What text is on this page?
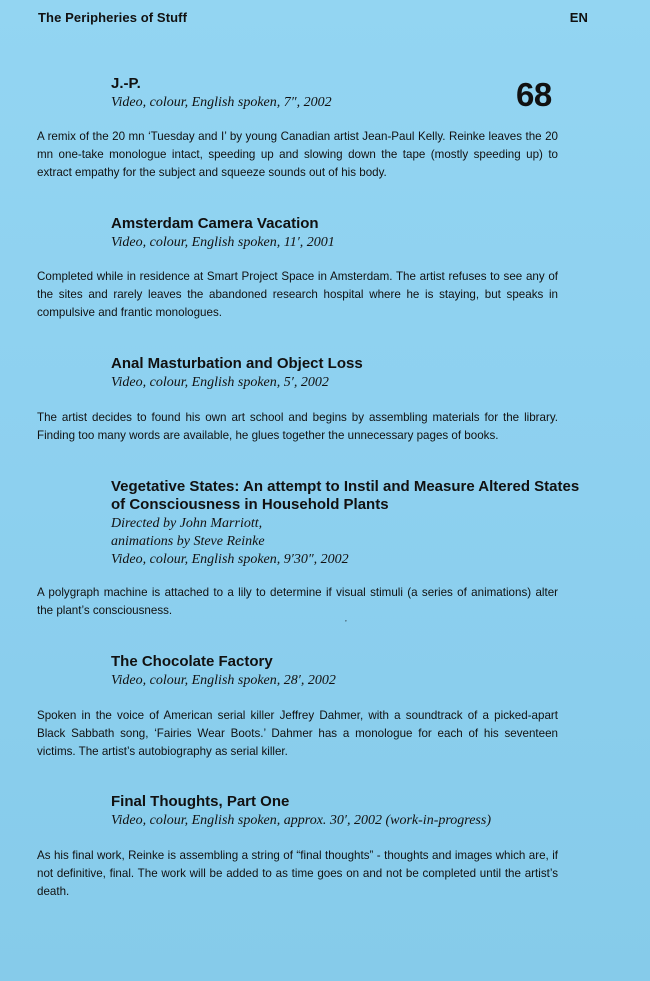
The Peripheries of Stuff	EN
68
J.-P.
Video, colour, English spoken, 7″, 2002
A remix of the 20 mn ‘Tuesday and I’ by young Canadian artist Jean-Paul Kelly. Reinke leaves the 20 mn one-take monologue intact, speeding up and slowing down the tape (mostly speeding up) to extract empathy for the subject and squeeze sounds out of his body.
Amsterdam Camera Vacation
Video, colour, English spoken, 11′, 2001
Completed while in residence at Smart Project Space in Amsterdam. The artist refuses to see any of the sites and rarely leaves the abandoned research hospital where he is staying, but speaks in compulsive and frantic monologues.
Anal Masturbation and Object Loss
Video, colour, English spoken, 5′, 2002
The artist decides to found his own art school and begins by assembling materials for the library. Finding too many words are available, he glues together the unnecessary pages of books.
Vegetative States: An attempt to Instil and Measure Altered States of Consciousness in Household Plants
Directed by John Marriott,
animations by Steve Reinke
Video, colour, English spoken, 9′30″, 2002
A polygraph machine is attached to a lily to determine if visual stimuli (a series of animations) alter the plant’s consciousness.
’
The Chocolate Factory
Video, colour, English spoken, 28′, 2002
Spoken in the voice of American serial killer Jeffrey Dahmer, with a soundtrack of a picked-apart Black Sabbath song, ‘Fairies Wear Boots.’ Dahmer has a monologue for each of his seventeen victims. The artist’s autobiography as serial killer.
Final Thoughts, Part One
Video, colour, English spoken, approx. 30′, 2002 (work-in-progress)
As his final work, Reinke is assembling a string of “final thoughts” - thoughts and images which are, if not definitive, final. The work will be added to as time goes on and not be completed until the artist’s death.
